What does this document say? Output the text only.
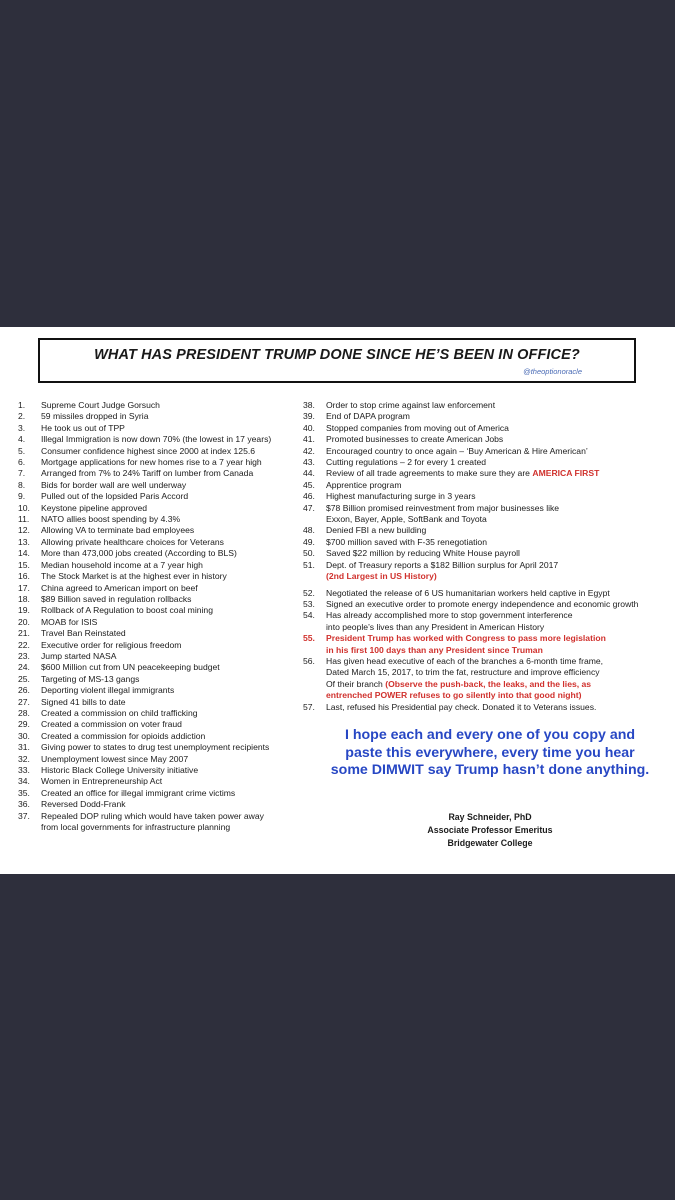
WHAT HAS PRESIDENT TRUMP DONE SINCE HE’S BEEN IN OFFICE?
@theoptionoracle
1. Supreme Court Judge Gorsuch
2. 59 missiles dropped in Syria
3. He took us out of TPP
4. Illegal Immigration is now down 70% (the lowest in 17 years)
5. Consumer confidence highest since 2000 at index 125.6
6. Mortgage applications for new homes rise to a 7 year high
7. Arranged from 7% to 24% Tariff on lumber from Canada
8. Bids for border wall are well underway
9. Pulled out of the lopsided Paris Accord
10. Keystone pipeline approved
11. NATO allies boost spending by 4.3%
12. Allowing VA to terminate bad employees
13. Allowing private healthcare choices for Veterans
14. More than 473,000 jobs created (According to BLS)
15. Median household income at a 7 year high
16. The Stock Market is at the highest ever in history
17. China agreed to American import on beef
18. $89 Billion saved in regulation rollbacks
19. Rollback of A Regulation to boost coal mining
20. MOAB for ISIS
21. Travel Ban Reinstated
22. Executive order for religious freedom
23. Jump started NASA
24. $600 Million cut from UN peacekeeping budget
25. Targeting of MS-13 gangs
26. Deporting violent illegal immigrants
27. Signed 41 bills to date
28. Created a commission on child trafficking
29. Created a commission on voter fraud
30. Created a commission for opioids addiction
31. Giving power to states to drug test unemployment recipients
32. Unemployment lowest since May 2007
33. Historic Black College University initiative
34. Women in Entrepreneurship Act
35. Created an office for illegal immigrant crime victims
36. Reversed Dodd-Frank
37. Repealed DOP ruling which would have taken power away
from local governments for infrastructure planning
38. Order to stop crime against law enforcement
39. End of DAPA program
40. Stopped companies from moving out of America
41. Promoted businesses to create American Jobs
42. Encouraged country to once again – ‘Buy American & Hire American’
43. Cutting regulations – 2 for every 1 created
44. Review of all trade agreements to make sure they are AMERICA FIRST
45. Apprentice program
46. Highest manufacturing surge in 3 years
47. $78 Billion promised reinvestment from major businesses like
Exxon, Bayer, Apple, SoftBank and Toyota
48. Denied FBI a new building
49. $700 million saved with F-35 renegotiation
50. Saved $22 million by reducing White House payroll
51. Dept. of Treasury reports a $182 Billion surplus for April 2017
(2nd Largest in US History)
52. Negotiated the release of 6 US humanitarian workers held captive in Egypt
53. Signed an executive order to promote energy independence and economic growth
54. Has already accomplished more to stop government interference
into people’s lives than any President in American History
55. President Trump has worked with Congress to pass more legislation
in his first 100 days than any President since Truman
56. Has given head executive of each of the branches a 6-month time frame,
Dated March 15, 2017, to trim the fat, restructure and improve efficiency
Of their branch (Observe the push-back, the leaks, and the lies, as
entrenched POWER refuses to go silently into that good night)
57. Last, refused his Presidential pay check. Donated it to Veterans issues.
I hope each and every one of you copy and paste this everywhere, every time you hear some DIMWIT say Trump hasn’t done anything.
Ray Schneider, PhD
Associate Professor Emeritus
Bridgewater College
